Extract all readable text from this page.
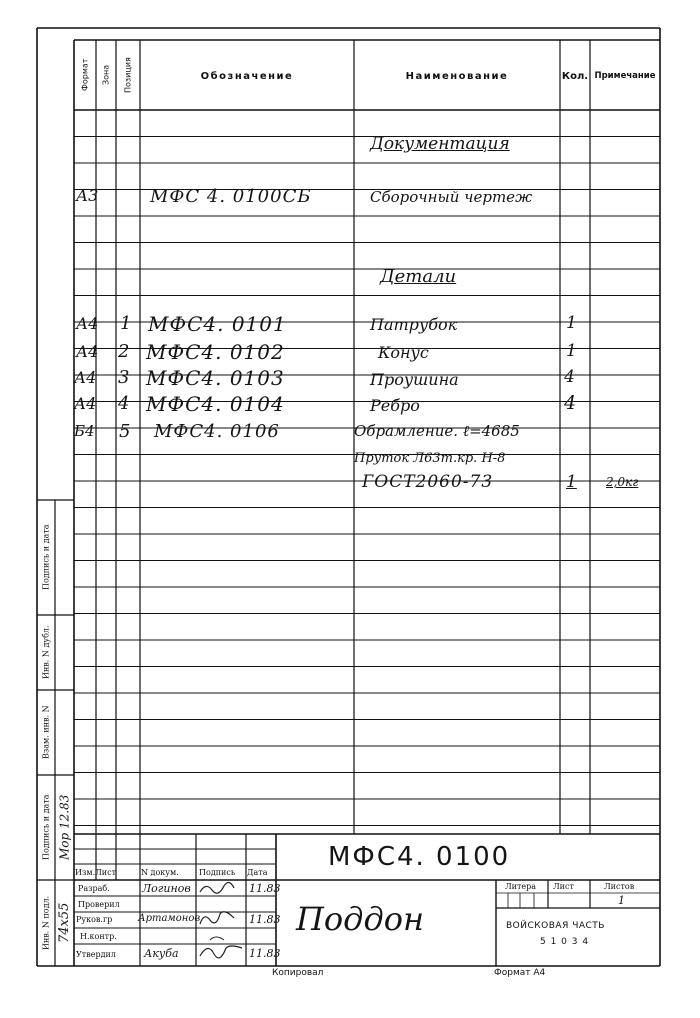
Формат	Зона	Позиция	Обозначение	Наименование	Кол. Примечание
Документация
Детали
А3	МФС 4. 0100СБ	Сборочный чертеж
А4 1 МФС4. 0101	Патрубок	1
А4 2 МФС4. 0102	Конус	1
А4 3 МФС4. 0103	Проушина	4
А4 4 МФС4. 0104	Ребро	4
Б4 5 МФС4. 0106	Обрамление. ℓ=4685
Пруток Л63т.кр. Н-8
ГОСТ2060-73	1 2,0кг
Подпись и дата
Инв. N дубл.
Взам. инв. N
Подпись и дата
Инв. N подл.
Мор 12.83
74х55
МФС4. 0100
Поддон
Изм.Лист	N докум.	Подпись Дата
Разраб.	Логинов	11.83
Проверил
Руков.гр	Артамонов	11.83
Н.контр.
Утвердил	Акуба	11.83
Литера Лист	Листов
1
ВОЙСКОВАЯ ЧАСТЬ
5 1 0 3 4
Копировал	Формат А4
